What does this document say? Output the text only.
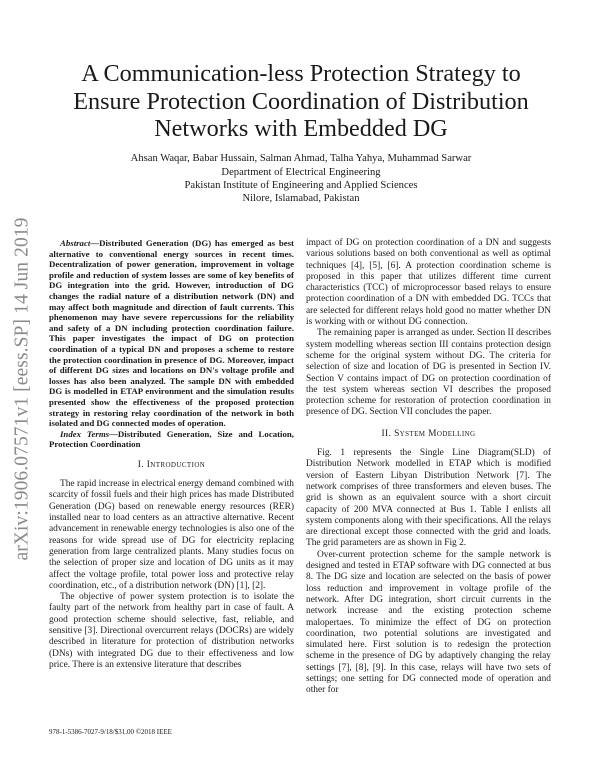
arXiv:1906.07571v1 [eess.SP] 14 Jun 2019
A Communication-less Protection Strategy to Ensure Protection Coordination of Distribution Networks with Embedded DG
Ahsan Waqar, Babar Hussain, Salman Ahmad, Talha Yahya, Muhammad Sarwar
Department of Electrical Engineering
Pakistan Institute of Engineering and Applied Sciences
Nilore, Islamabad, Pakistan

Abstract—Distributed Generation (DG) has emerged as best alternative to conventional energy sources in recent times. Decentralization of power generation, improvement in voltage profile and reduction of system losses are some of key benefits of DG integration into the grid. However, introduction of DG changes the radial nature of a distribution network (DN) and may affect both magnitude and direction of fault currents. This phenomenon may have severe repercussions for the reliability and safety of a DN including protection coordination failure. This paper investigates the impact of DG on protection coordination of a typical DN and proposes a scheme to restore the protection coordination in presence of DG. Moreover, impact of different DG sizes and locations on DN's voltage profile and losses has also been analyzed. The sample DN with embedded DG is modelled in ETAP environment and the simulation results presented show the effectiveness of the proposed protection strategy in restoring relay coordination of the network in both isolated and DG connected modes of operation.

Index Terms—Distributed Generation, Size and Location, Protection Coordination

I. Introduction

The rapid increase in electrical energy demand combined with scarcity of fossil fuels and their high prices has made Distributed Generation (DG) based on renewable energy resources (RER) installed near to load centers as an attractive alternative. Recent advancement in renewable energy technologies is also one of the reasons for wide spread use of DG for electricity replacing generation from large centralized plants. Many studies focus on the selection of proper size and location of DG units as it may affect the voltage profile, total power loss and protective relay coordination, etc., of a distribution network (DN) [1], [2].

The objective of power system protection is to isolate the faulty part of the network from healthy part in case of fault. A good protection scheme should selective, fast, reliable, and sensitive [3]. Directional overcurrent relays (DOCRs) are widely described in literature for protection of distribution networks (DNs) with integrated DG due to their effectiveness and low price. There is an extensive literature that describes

impact of DG on protection coordination of a DN and suggests various solutions based on both conventional as well as optimal techniques [4], [5], [6]. A protection coordination scheme is proposed in this paper that utilizes different time current characteristics (TCC) of microprocessor based relays to ensure protection coordination of a DN with embedded DG. TCCs that are selected for different relays hold good no matter whether DN is working with or without DG connection.

The remaining paper is arranged as under. Section II describes system modelling whereas section III contains protection design scheme for the original system without DG. The criteria for selection of size and location of DG is presented in Section IV. Section V contains impact of DG on protection coordination of the test system whereas section VI describes the proposed protection scheme for restoration of protection coordination in presence of DG. Section VII concludes the paper.

II. System Modelling

Fig. 1 represents the Single Line Diagram(SLD) of Distribution Network modelled in ETAP which is modified version of Eastern Libyan Distribution Network [7]. The network comprises of three transformers and eleven buses. The grid is shown as an equivalent source with a short circuit capacity of 200 MVA connected at Bus 1. Table I enlists all system components along with their specifications. All the relays are directional except those connected with the grid and loads. The grid parameters are as shown in Fig 2.

Over-current protection scheme for the sample network is designed and tested in ETAP software with DG connected at bus 8. The DG size and location are selected on the basis of power loss reduction and improvement in voltage profile of the network. After DG integration, short circuit currents in the network increase and the existing protection scheme malopertaes. To minimize the effect of DG on protection coordination, two potential solutions are investigated and simulated here. First solution is to redesign the protection scheme in the presence of DG by adaptively changing the relay settings [7], [8], [9]. In this case, relays will have two sets of settings; one setting for DG connected mode of operation and other for

978-1-5386-7027-9/18/$31.00 ©2018 IEEE
